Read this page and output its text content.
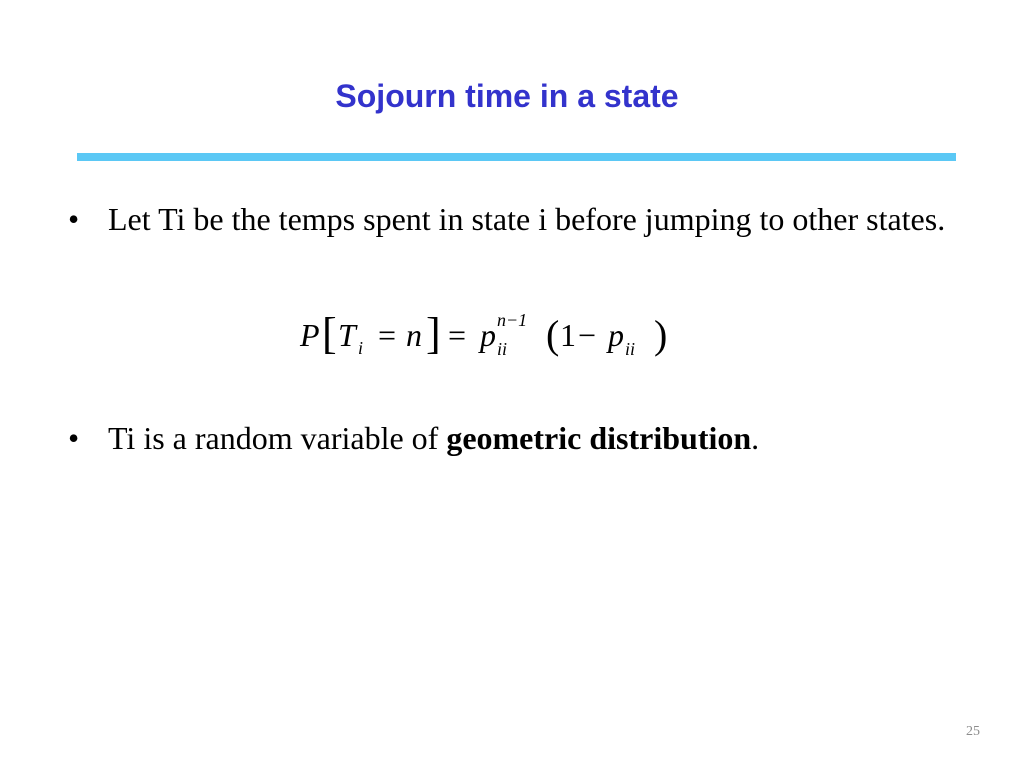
Sojourn time in a state
• Let Ti be the temps spent in state i before jumping to other states.
P [ T i = n ] = p n−1
ii ( 1 − p ii )
• Ti is a random variable of geometric distribution.
25
